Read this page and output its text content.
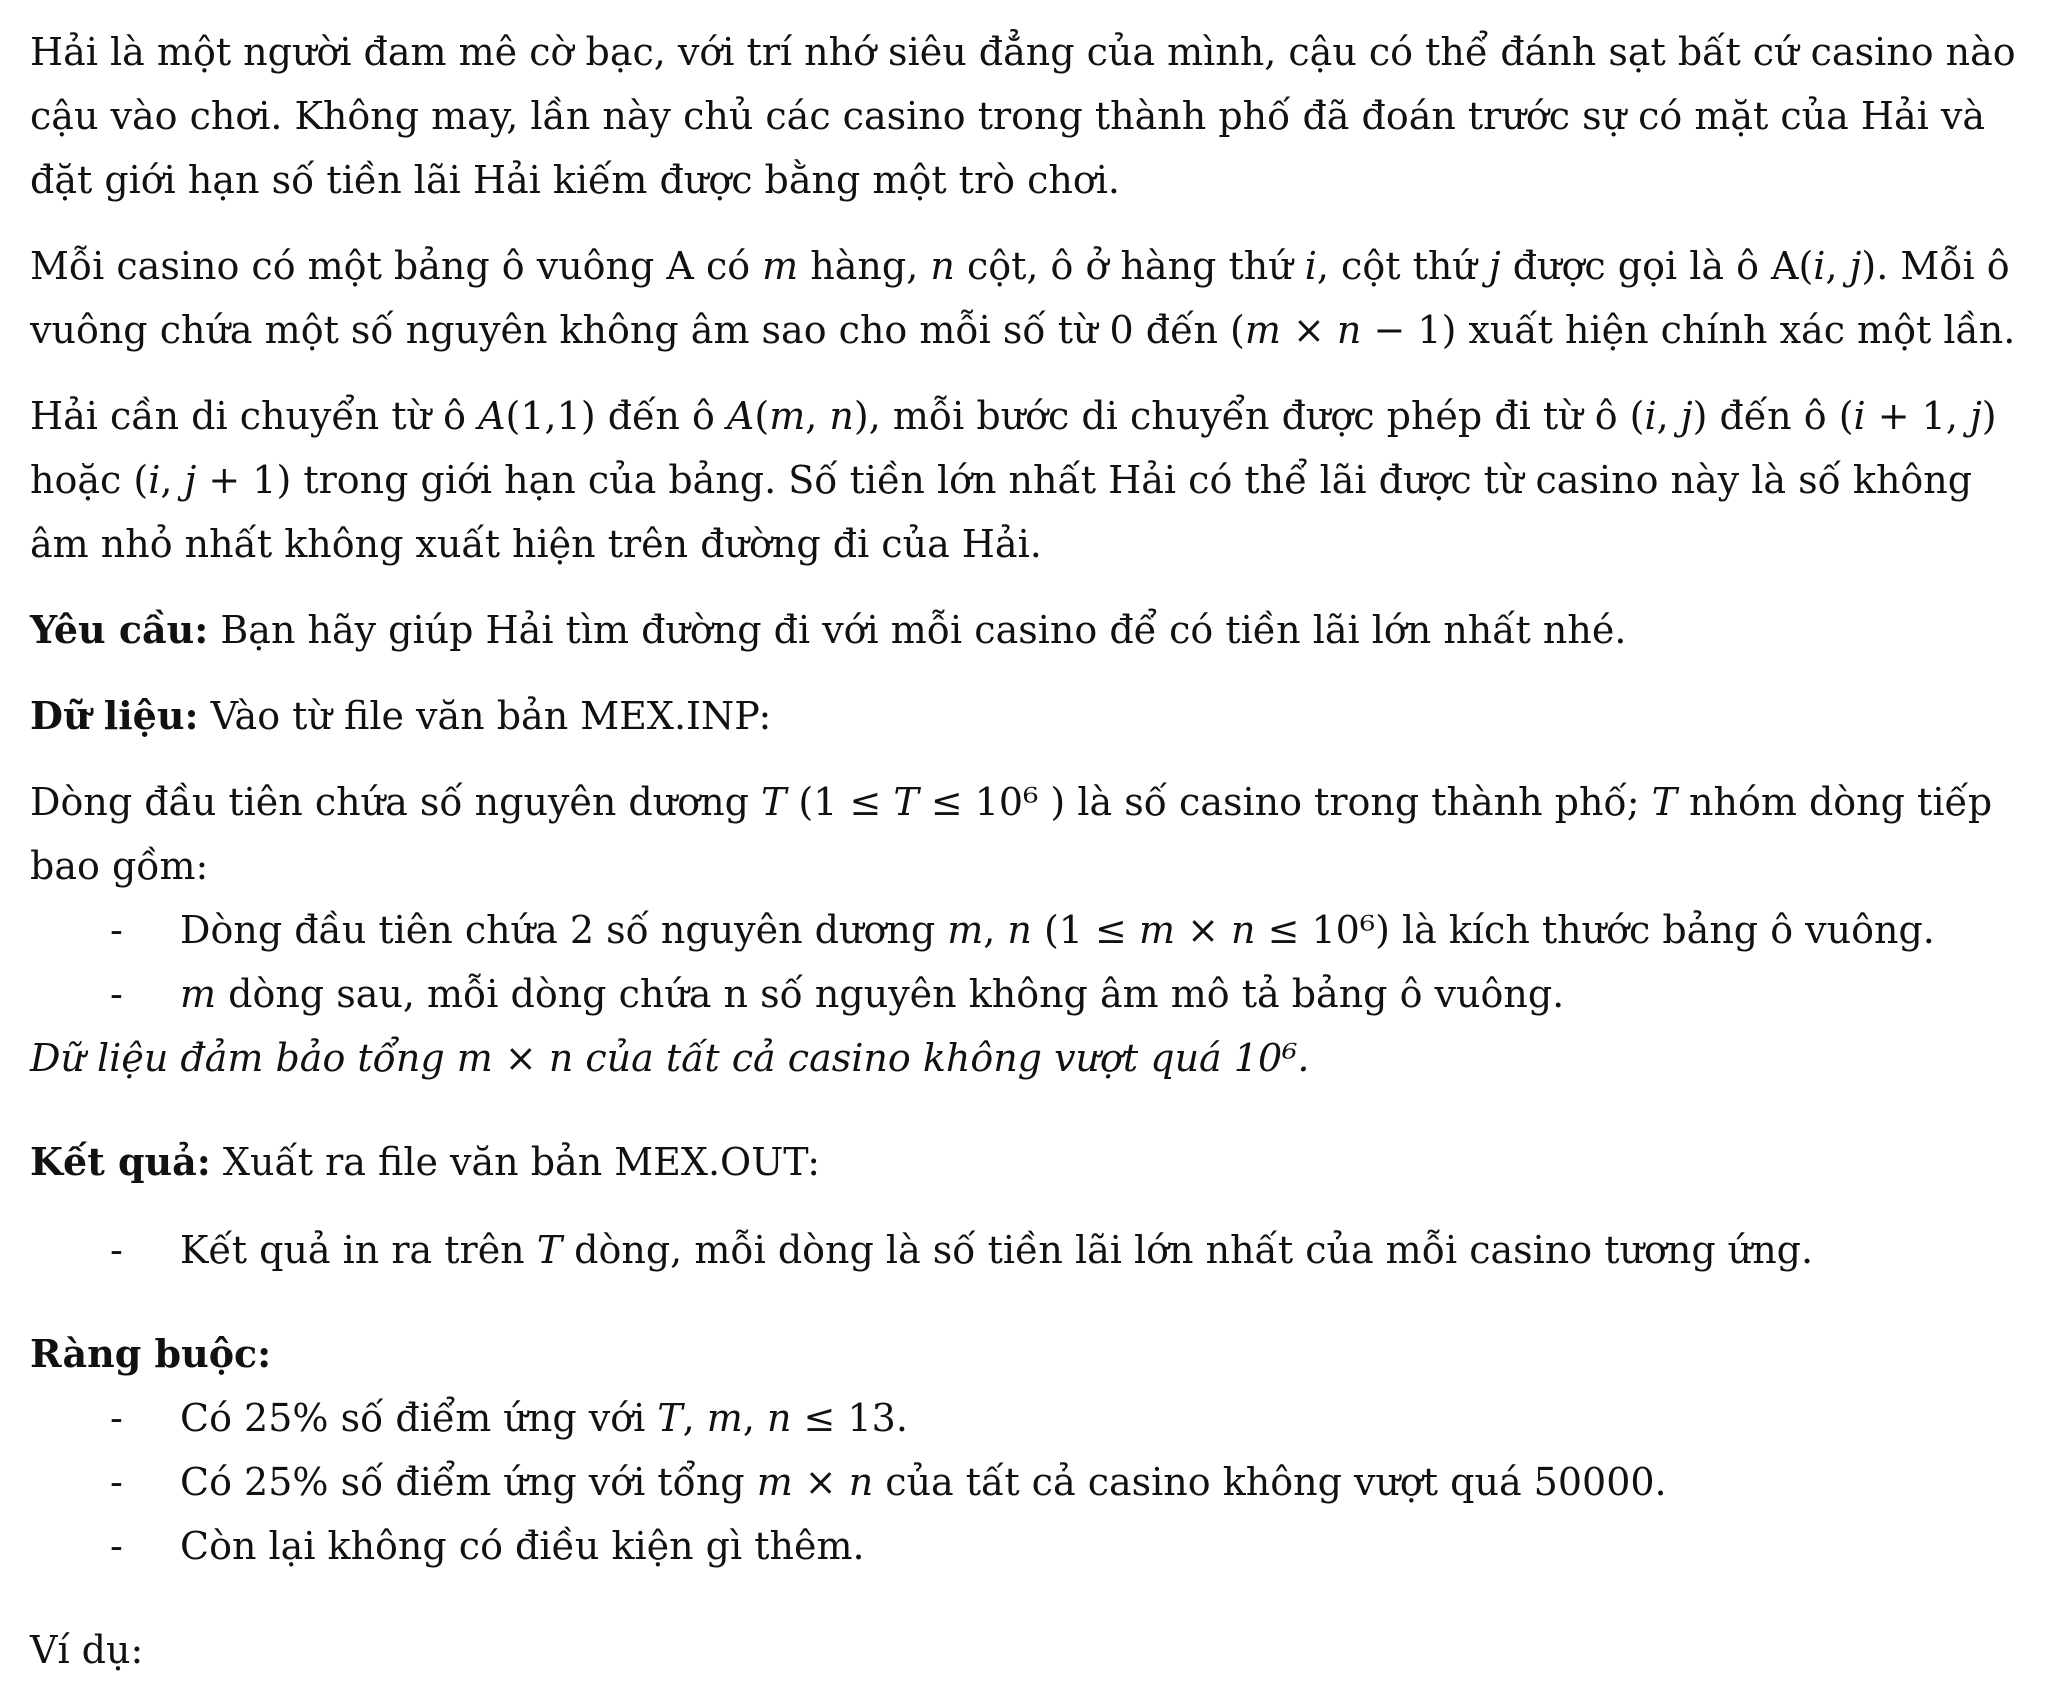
Hải là một người đam mê cờ bạc, với trí nhớ siêu đẳng của mình, cậu có thể đánh sạt bất cứ casino nào cậu vào chơi. Không may, lần này chủ các casino trong thành phố đã đoán trước sự có mặt của Hải và đặt giới hạn số tiền lãi Hải kiếm được bằng một trò chơi.

Mỗi casino có một bảng ô vuông A có 𝑚 hàng, 𝑛 cột, ô ở hàng thứ 𝑖, cột thứ 𝑗 được gọi là ô A(𝑖, 𝑗). Mỗi ô vuông chứa một số nguyên không âm sao cho mỗi số từ 0 đến (𝑚 × 𝑛 − 1) xuất hiện chính xác một lần.

Hải cần di chuyển từ ô 𝐴(1,1) đến ô 𝐴(𝑚, 𝑛), mỗi bước di chuyển được phép đi từ ô (𝑖, 𝑗) đến ô (𝑖 + 1, 𝑗) hoặc (𝑖, 𝑗 + 1) trong giới hạn của bảng. Số tiền lớn nhất Hải có thể lãi được từ casino này là số không âm nhỏ nhất không xuất hiện trên đường đi của Hải.

Yêu cầu: Bạn hãy giúp Hải tìm đường đi với mỗi casino để có tiền lãi lớn nhất nhé.

Dữ liệu: Vào từ file văn bản MEX.INP:

Dòng đầu tiên chứa số nguyên dương 𝑇 (1 ≤ 𝑇 ≤ 10⁶ ) là số casino trong thành phố; 𝑇 nhóm dòng tiếp bao gồm:

- Dòng đầu tiên chứa 2 số nguyên dương 𝑚, 𝑛 (1 ≤ 𝑚 × 𝑛 ≤ 10⁶) là kích thước bảng ô vuông.

- 𝑚 dòng sau, mỗi dòng chứa n số nguyên không âm mô tả bảng ô vuông.

Dữ liệu đảm bảo tổng 𝑚 × 𝑛 của tất cả casino không vượt quá 10⁶.

Kết quả: Xuất ra file văn bản MEX.OUT:

- Kết quả in ra trên 𝑇 dòng, mỗi dòng là số tiền lãi lớn nhất của mỗi casino tương ứng.

Ràng buộc:

- Có 25% số điểm ứng với 𝑇, 𝑚, 𝑛 ≤ 13.

- Có 25% số điểm ứng với tổng 𝑚 × 𝑛 của tất cả casino không vượt quá 50000.

- Còn lại không có điều kiện gì thêm.

Ví dụ:
